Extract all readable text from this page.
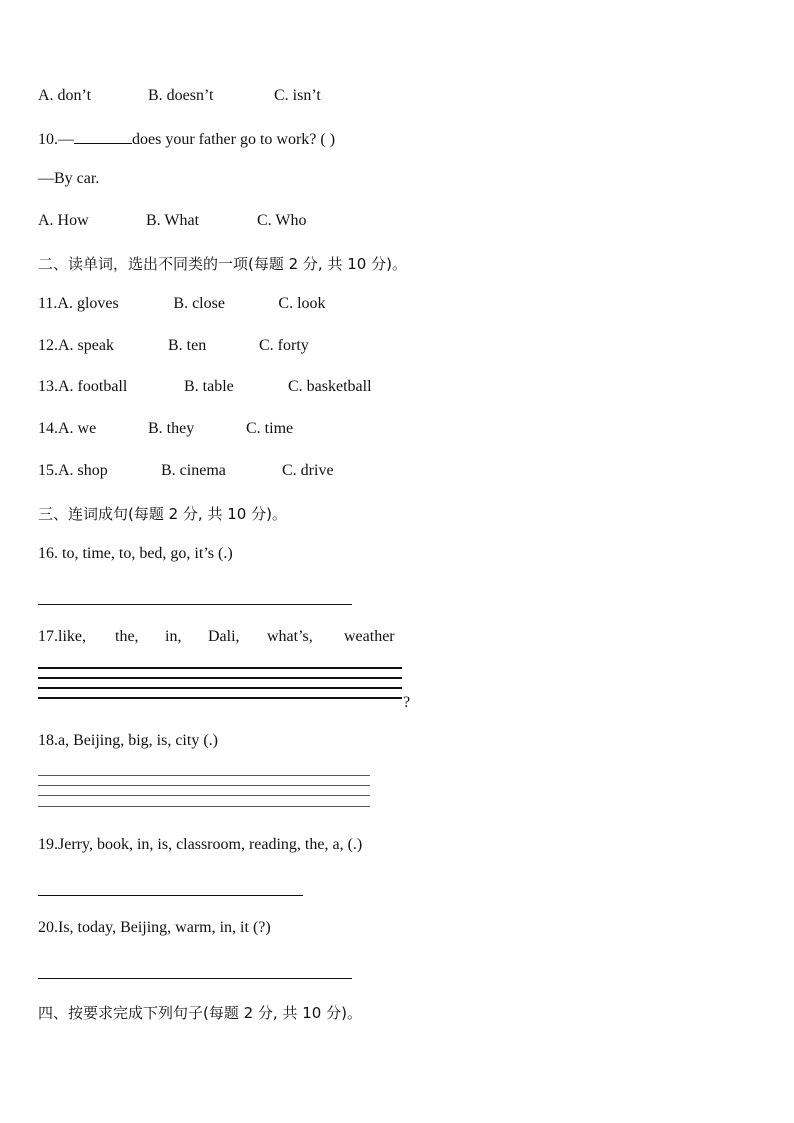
A. don’t	B. doesn’t	C. isn’t
10.—	does your father go to work? ( )
—By car.
A. How	B. What	C. Who
二、读单词，选出不同类的一项(每题 2 分, 共 10 分)。
11.A. gloves	B. close	C. look
12.A. speak	B. ten	C. forty
13.A. football	B. table	C. basketball
14.A. we	B. they	C. time
15.A. shop	B. cinema	C. drive
三、连词成句(每题 2 分, 共 10 分)。
16. to, time, to, bed, go, it’s (.)
17.like, the, in, Dali, what’s, weather
?
18.a, Beijing, big, is, city (.)
19.Jerry, book, in, is, classroom, reading, the, a, (.)
20.Is, today, Beijing, warm, in, it (?)
四、按要求完成下列句子(每题 2 分, 共 10 分)。
